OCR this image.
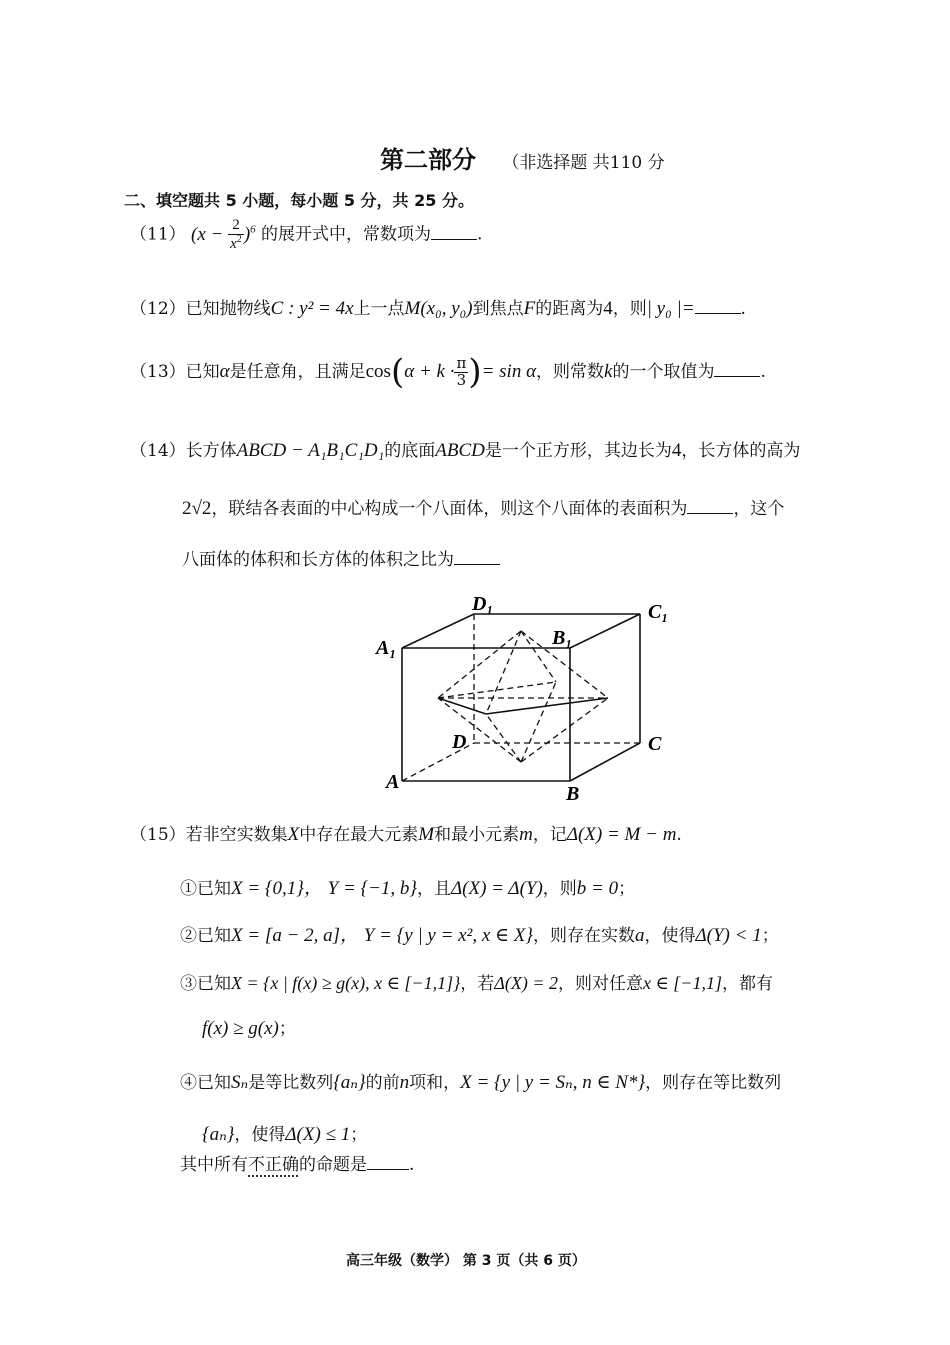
第二部分 （非选择题 共110 分
二、填空题共 5 小题，每小题 5 分，共 25 分。
（11） $(x - \frac{2}{x^2} )^6$ 的展开式中，常数项为	.
（12）已知抛物线C : y² = 4x上一点M(x₀, y₀)到焦点F的距离为4，则| y₀ |=	.
（13）已知α是任意角，且满足$\cos(\alpha + k \cdot \frac{\pi}{3}$ )= sin α，则常数k的一个取值为	.
（14）长方体ABCD − A₁B₁C₁D₁的底面ABCD是一个正方形，其边长为4，长方体的高为
2√2，联结各表面的中心构成一个八面体，则这个八面体的表面积为	，这个
八面体的体积和长方体的体积之比为
D₁	C₁
A₁	B₁
D	C
A
B
（15）若非空实数集X中存在最大元素M和最小元素m，记Δ(X) = M − m.
①已知X = {0,1}， Y = {−1, b}，且Δ(X) = Δ(Y)，则b = 0；
②已知X = [a − 2, a]， Y = {y | y = x², x ∈ X}，则存在实数a，使得Δ(Y) < 1；
③已知X = {x | f(x) ≥ g(x), x ∈ [−1,1]}，若Δ(X) = 2，则对任意x ∈ [−1,1]，都有
f(x) ≥ g(x)；
④已知Sₙ是等比数列{aₙ}的前n项和，X = {y | y = Sₙ, n ∈ N*}，则存在等比数列
{aₙ}，使得Δ(X) ≤ 1；
其中所有不正确的命题是 .
高三年级（数学） 第 3 页（共 6 页）
